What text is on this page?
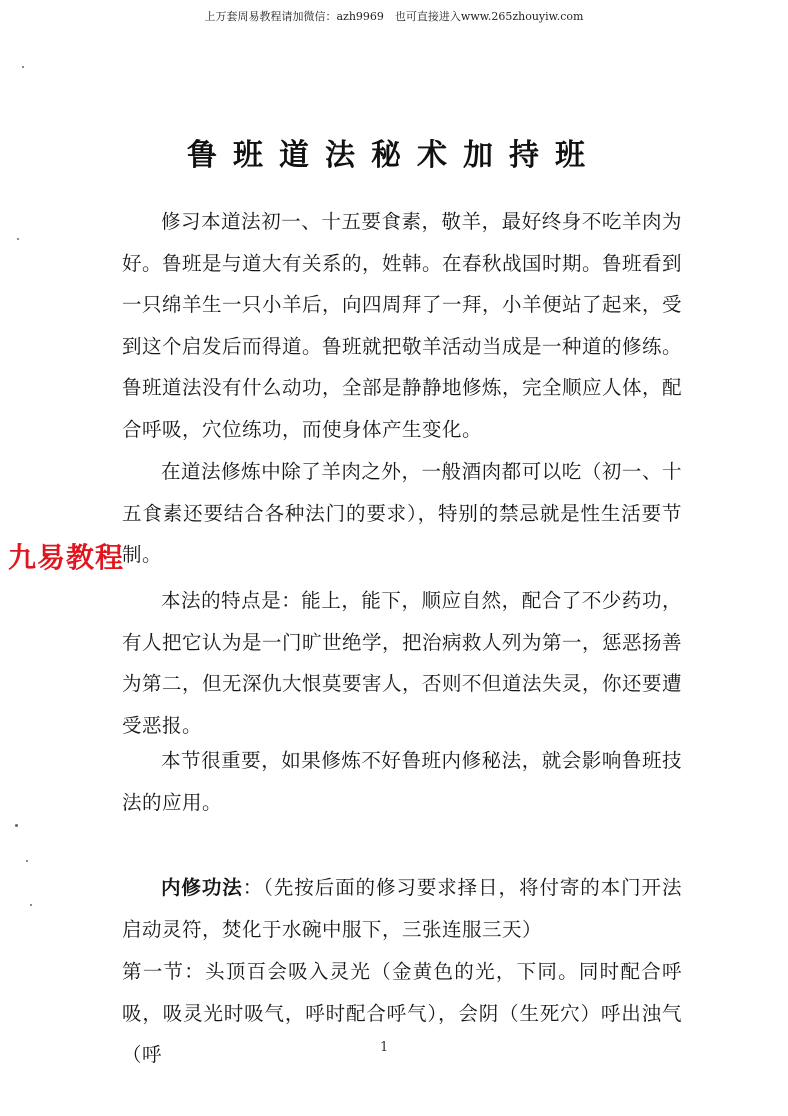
上万套周易教程请加微信：azh9969　也可直接进入www.265zhouyiw.com
鲁班道法秘术加持班
修习本道法初一、十五要食素，敬羊，最好终身不吃羊肉为好。鲁班是与道大有关系的，姓韩。在春秋战国时期。鲁班看到一只绵羊生一只小羊后，向四周拜了一拜，小羊便站了起来，受到这个启发后而得道。鲁班就把敬羊活动当成是一种道的修练。鲁班道法没有什么动功，全部是静静地修炼，完全顺应人体，配合呼吸，穴位练功，而使身体产生变化。
在道法修炼中除了羊肉之外，一般酒肉都可以吃（初一、十五食素还要结合各种法门的要求），特别的禁忌就是性生活要节制。
九易教程
本法的特点是：能上，能下，顺应自然，配合了不少药功，有人把它认为是一门旷世绝学，把治病救人列为第一，惩恶扬善为第二，但无深仇大恨莫要害人，否则不但道法失灵，你还要遭受恶报。
本节很重要，如果修炼不好鲁班内修秘法，就会影响鲁班技法的应用。
内修功法：（先按后面的修习要求择日，将付寄的本门开法启动灵符，焚化于水碗中服下，三张连服三天）
第一节：头顶百会吸入灵光（金黄色的光，下同。同时配合呼吸，吸灵光时吸气，呼时配合呼气），会阴（生死穴）呼出浊气（呼	1
